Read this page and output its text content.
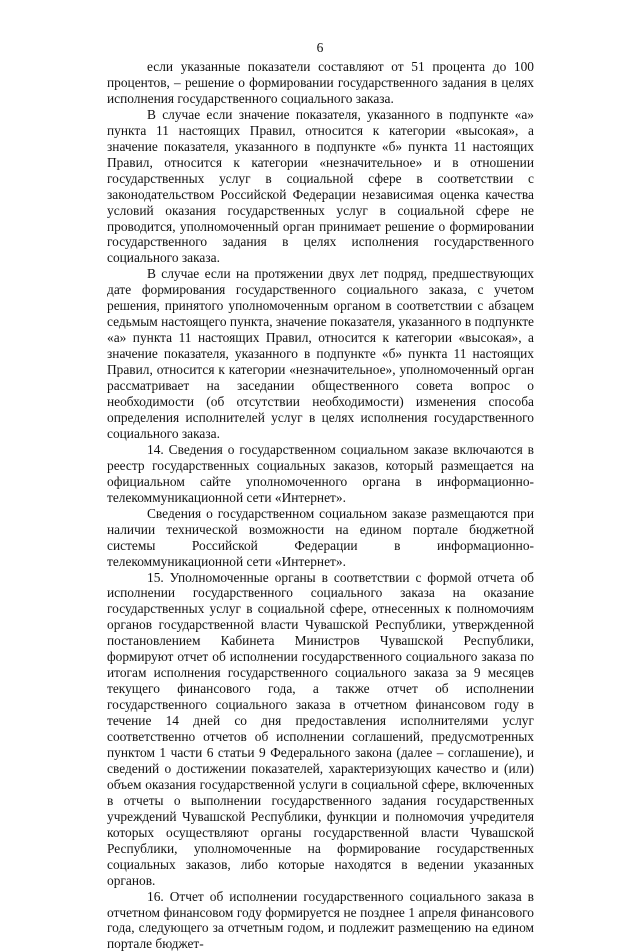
6

если указанные показатели составляют от 51 процента до 100 процентов, – решение о формировании государственного задания в целях исполнения государственного социального заказа.

В случае если значение показателя, указанного в подпункте «а» пункта 11 настоящих Правил, относится к категории «высокая», а значение показателя, указанного в подпункте «б» пункта 11 настоящих Правил, относится к категории «незначительное» и в отношении государственных услуг в социальной сфере в соответствии с законодательством Российской Федерации независимая оценка качества условий оказания государственных услуг в социальной сфере не проводится, уполномоченный орган принимает решение о формировании государственного задания в целях исполнения государственного социального заказа.

В случае если на протяжении двух лет подряд, предшествующих дате формирования государственного социального заказа, с учетом решения, принятого уполномоченным органом в соответствии с абзацем седьмым настоящего пункта, значение показателя, указанного в подпункте «а» пункта 11 настоящих Правил, относится к категории «высокая», а значение показателя, указанного в подпункте «б» пункта 11 настоящих Правил, относится к категории «незначительное», уполномоченный орган рассматривает на заседании общественного совета вопрос о необходимости (об отсутствии необходимости) изменения способа определения исполнителей услуг в целях исполнения государственного социального заказа.

14. Сведения о государственном социальном заказе включаются в реестр государственных социальных заказов, который размещается на официальном сайте уполномоченного органа в информационно-телекоммуникационной сети «Интернет».

Сведения о государственном социальном заказе размещаются при наличии технической возможности на едином портале бюджетной системы Российской Федерации в информационно-телекоммуникационной сети «Интернет».

15. Уполномоченные органы в соответствии с формой отчета об исполнении государственного социального заказа на оказание государственных услуг в социальной сфере, отнесенных к полномочиям органов государственной власти Чувашской Республики, утвержденной постановлением Кабинета Министров Чувашской Республики, формируют отчет об исполнении государственного социального заказа по итогам исполнения государственного социального заказа за 9 месяцев текущего финансового года, а также отчет об исполнении государственного социального заказа в отчетном финансовом году в течение 14 дней со дня предоставления исполнителями услуг соответственно отчетов об исполнении соглашений, предусмотренных пунктом 1 части 6 статьи 9 Федерального закона (далее – соглашение), и сведений о достижении показателей, характеризующих качество и (или) объем оказания государственной услуги в социальной сфере, включенных в отчеты о выполнении государственного задания государственных учреждений Чувашской Республики, функции и полномочия учредителя которых осуществляют органы государственной власти Чувашской Республики, уполномоченные на формирование государственных социальных заказов, либо которые находятся в ведении указанных органов.

16. Отчет об исполнении государственного социального заказа в отчетном финансовом году формируется не позднее 1 апреля финансового года, следующего за отчетным годом, и подлежит размещению на едином портале бюджет-
